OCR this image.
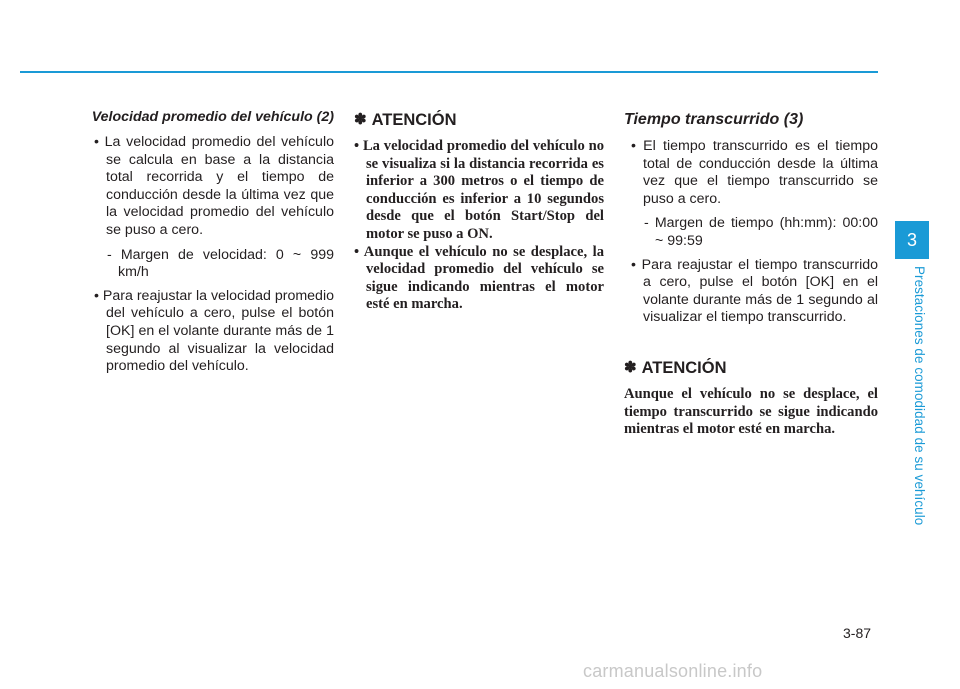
Velocidad promedio del vehículo (2)

• La velocidad promedio del vehículo se calcula en base a la distancia total recorrida y el tiempo de conducción desde la última vez que la velocidad promedio del vehículo se puso a cero.

- Margen de velocidad: 0 ~ 999 km/h

• Para reajustar la velocidad promedio del vehículo a cero, pulse el botón [OK] en el volante durante más de 1 segundo al visualizar la velocidad promedio del vehículo.

✽ ATENCIÓN

• La velocidad promedio del vehículo no se visualiza si la distancia recorrida es inferior a 300 metros o el tiempo de conducción es inferior a 10 segundos desde que el botón Start/Stop del motor se puso a ON.

• Aunque el vehículo no se desplace, la velocidad promedio del vehículo se sigue indicando mientras el motor esté en marcha.

Tiempo transcurrido (3)

• El tiempo transcurrido es el tiempo total de conducción desde la última vez que el tiempo transcurrido se puso a cero.

- Margen de tiempo (hh:mm): 00:00 ~ 99:59

• Para reajustar el tiempo transcurrido a cero, pulse el botón [OK] en el volante durante más de 1 segundo al visualizar el tiempo transcurrido.

✽ ATENCIÓN

Aunque el vehículo no se desplace, el tiempo transcurrido se sigue indicando mientras el motor esté en marcha.

3
Prestaciones de comodidad de su vehículo
3-87
carmanualsonline.info
